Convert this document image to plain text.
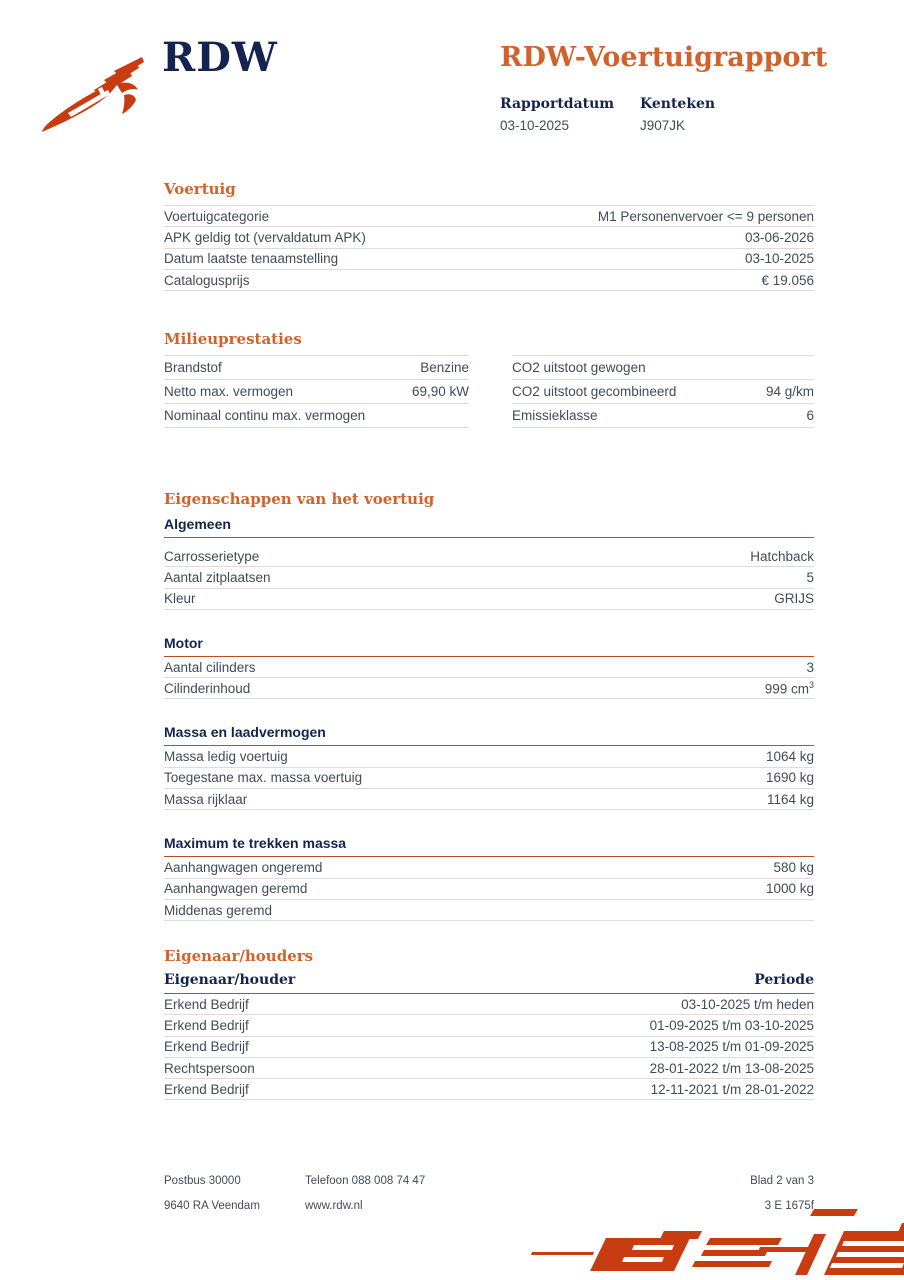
RDW	RDW-Voertuigrapport
Rapportdatum
03-10-2025
Kenteken
J907JK
Voertuig
Voertuigcategorie	M1 Personenvervoer <= 9 personen
APK geldig tot (vervaldatum APK)	03-06-2026
Datum laatste tenaamstelling	03-10-2025
Catalogusprijs	€ 19.056
Milieuprestaties
Brandstof	Benzine
Netto max. vermogen	69,90 kW
Nominaal continu max. vermogen
CO2 uitstoot gewogen
CO2 uitstoot gecombineerd	94 g/km
Emissieklasse	6
Eigenschappen van het voertuig
Algemeen
Carrosserietype	Hatchback
Aantal zitplaatsen	5
Kleur	GRIJS
Motor
Aantal cilinders	3
Cilinderinhoud	999 $cm^3$
Massa en laadvermogen
Massa ledig voertuig	1064 kg
Toegestane max. massa voertuig	1690 kg
Massa rijklaar	1164 kg
Maximum te trekken massa
Aanhangwagen ongeremd	580 kg
Aanhangwagen geremd	1000 kg
Middenas geremd
Eigenaar/houders
Eigenaar/houder	Periode
Erkend Bedrijf	03-10-2025 t/m heden
Erkend Bedrijf	01-09-2025 t/m 03-10-2025
Erkend Bedrijf	13-08-2025 t/m 01-09-2025
Rechtspersoon	28-01-2022 t/m 13-08-2025
Erkend Bedrijf	12-11-2021 t/m 28-01-2022
Postbus 30000	Telefoon 088 008 74 47	Blad 2 van 3
9640 RA Veendam	www.rdw.nl	3 E 1675f
